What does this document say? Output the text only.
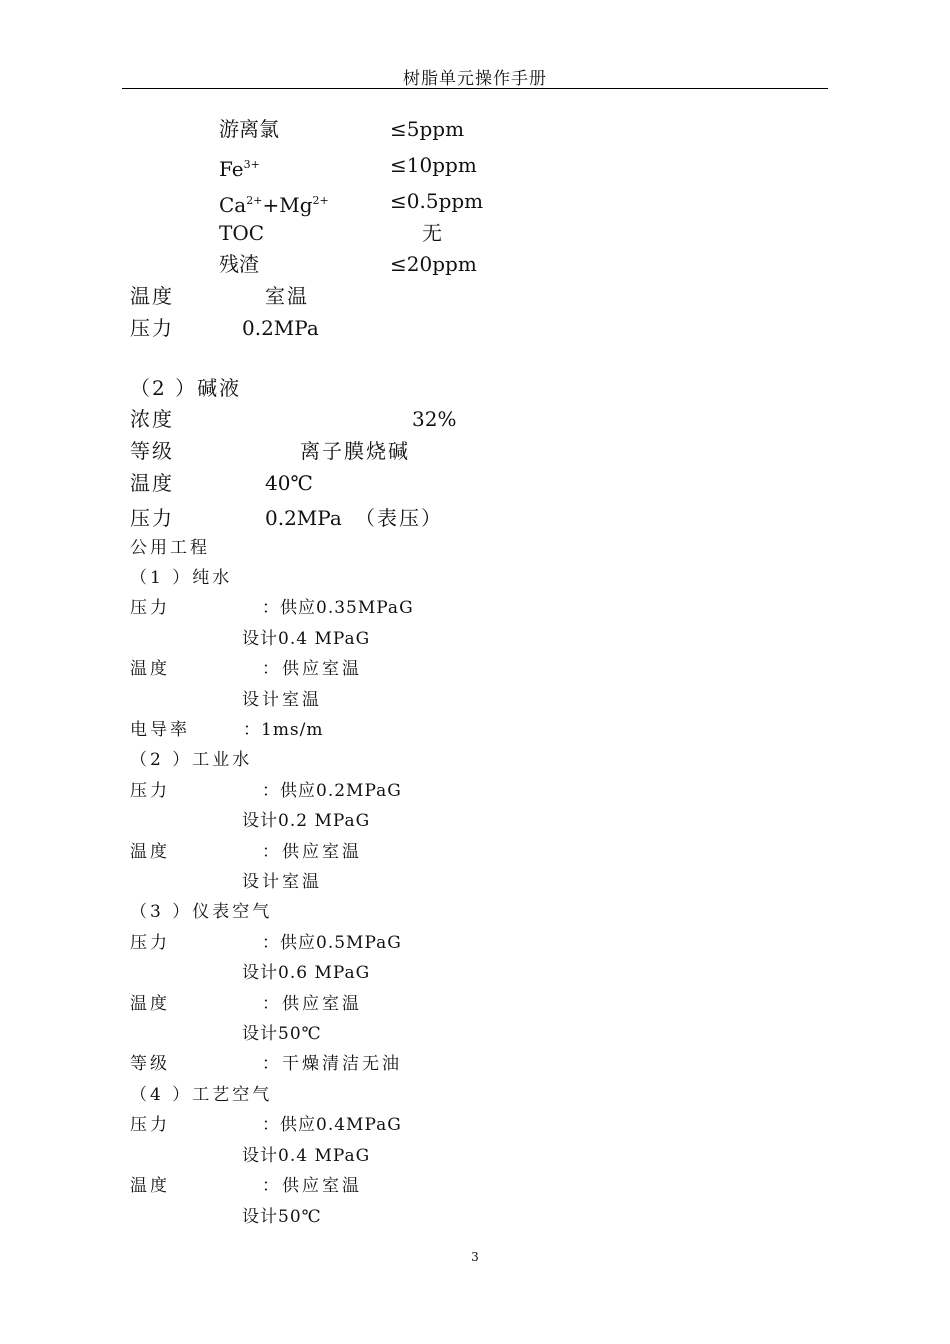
树脂单元操作手册
游离氯	≤5ppm
$Fe^{3+}$	≤10ppm
$Ca^{2+}+Mg^{2+}$	≤0.5ppm
TOC	无
残渣	≤20ppm
温度	室温
压力	0.2MPa
（2 ）碱液
浓度	32%
等级	离子膜烧碱
温度	40℃
压力	0.2MPa （表压）
公用工程
（1 ）纯水
压力	：供应0.35MPaG
设计0.4 MPaG
温度	：供应室温
设计室温
电导率	：1ms/m
（2 ）工业水
压力	：供应0.2MPaG
设计0.2 MPaG
温度	：供应室温
设计室温
（3 ）仪表空气
压力	：供应0.5MPaG
设计0.6 MPaG
温度	：供应室温
设计50℃
等级	：干燥清洁无油
（4 ）工艺空气
压力	：供应0.4MPaG
设计0.4 MPaG
温度	：供应室温
设计50℃
3
